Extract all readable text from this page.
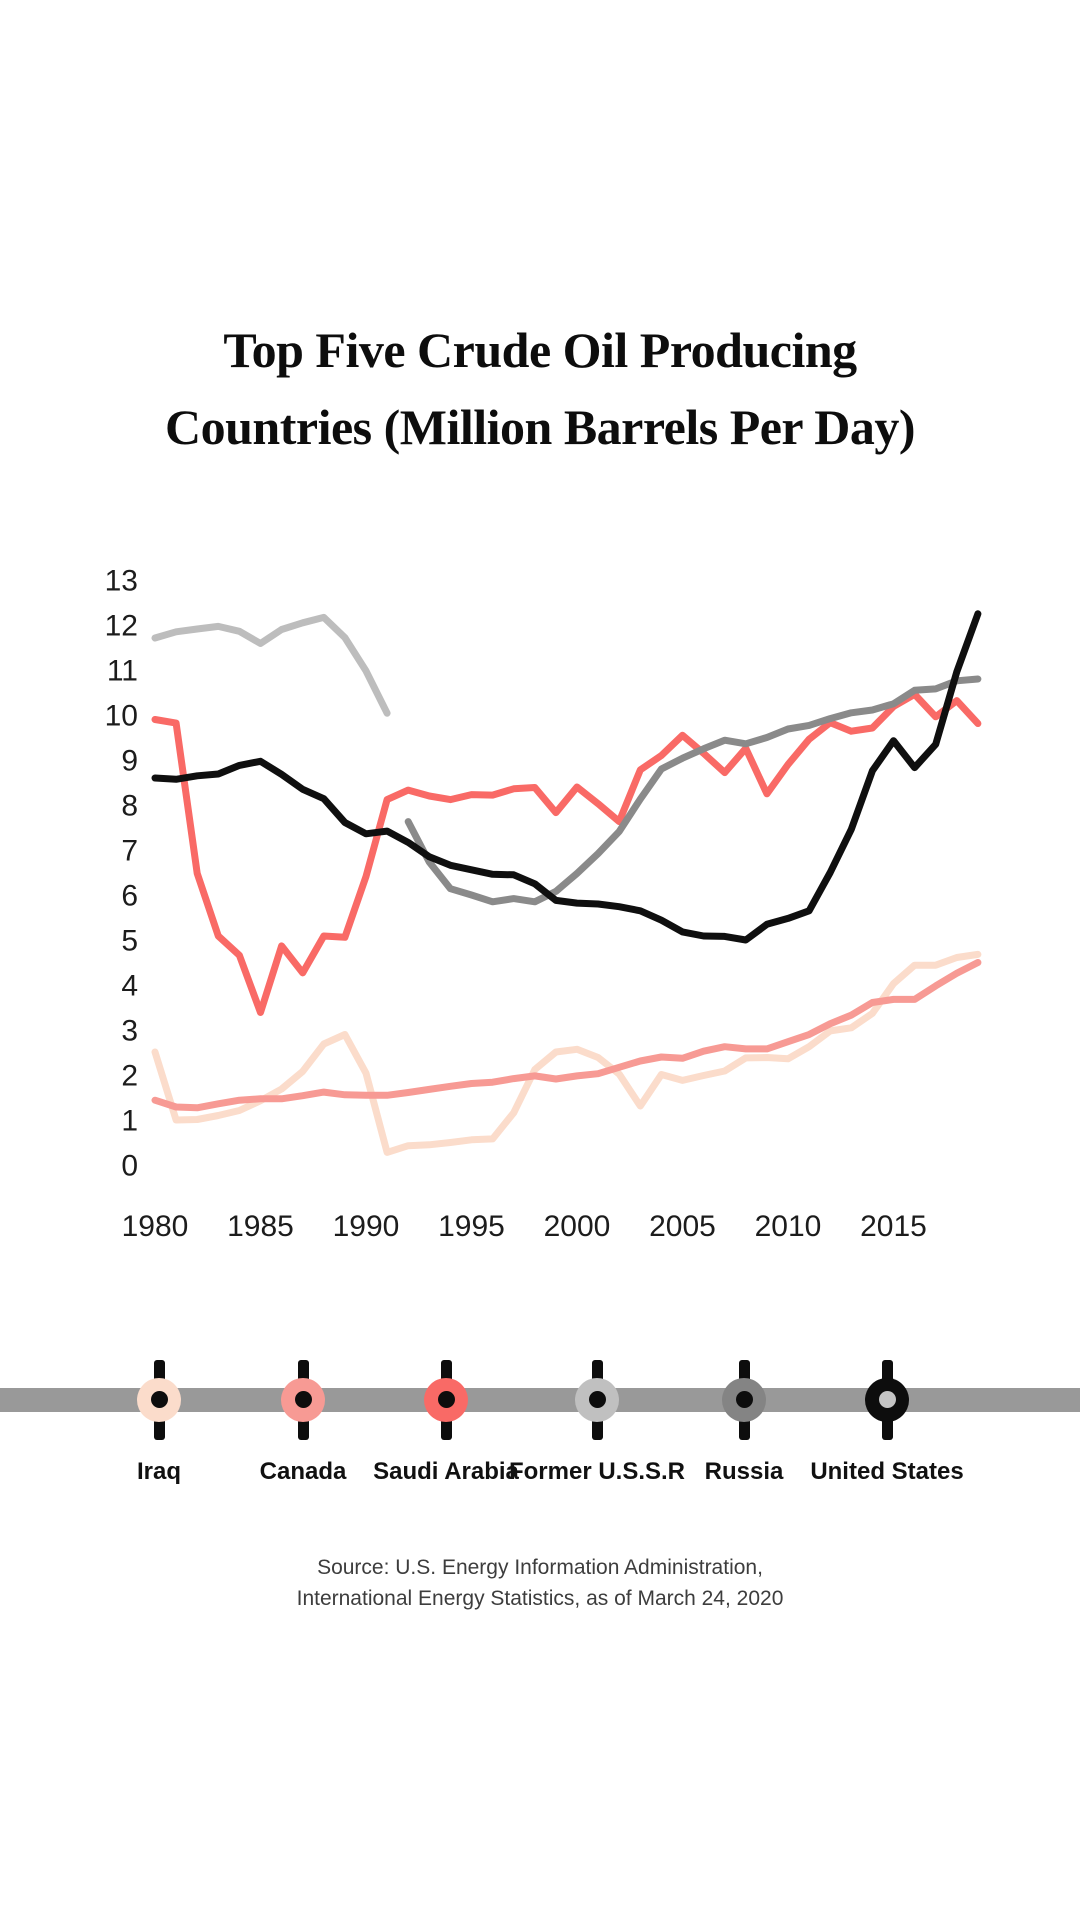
Top Five Crude Oil Producing
Countries (Million Barrels Per Day)
0
1
2
3
4
5
6
7
8
9
10
11
12
13
1980 1985 1990 1995 2000 2005 2010 2015
Iraq	Canada Saudi Arabia
Former U.S.S.R Russia United States
Source: U.S. Energy Information Administration,
International Energy Statistics, as of March 24, 2020
